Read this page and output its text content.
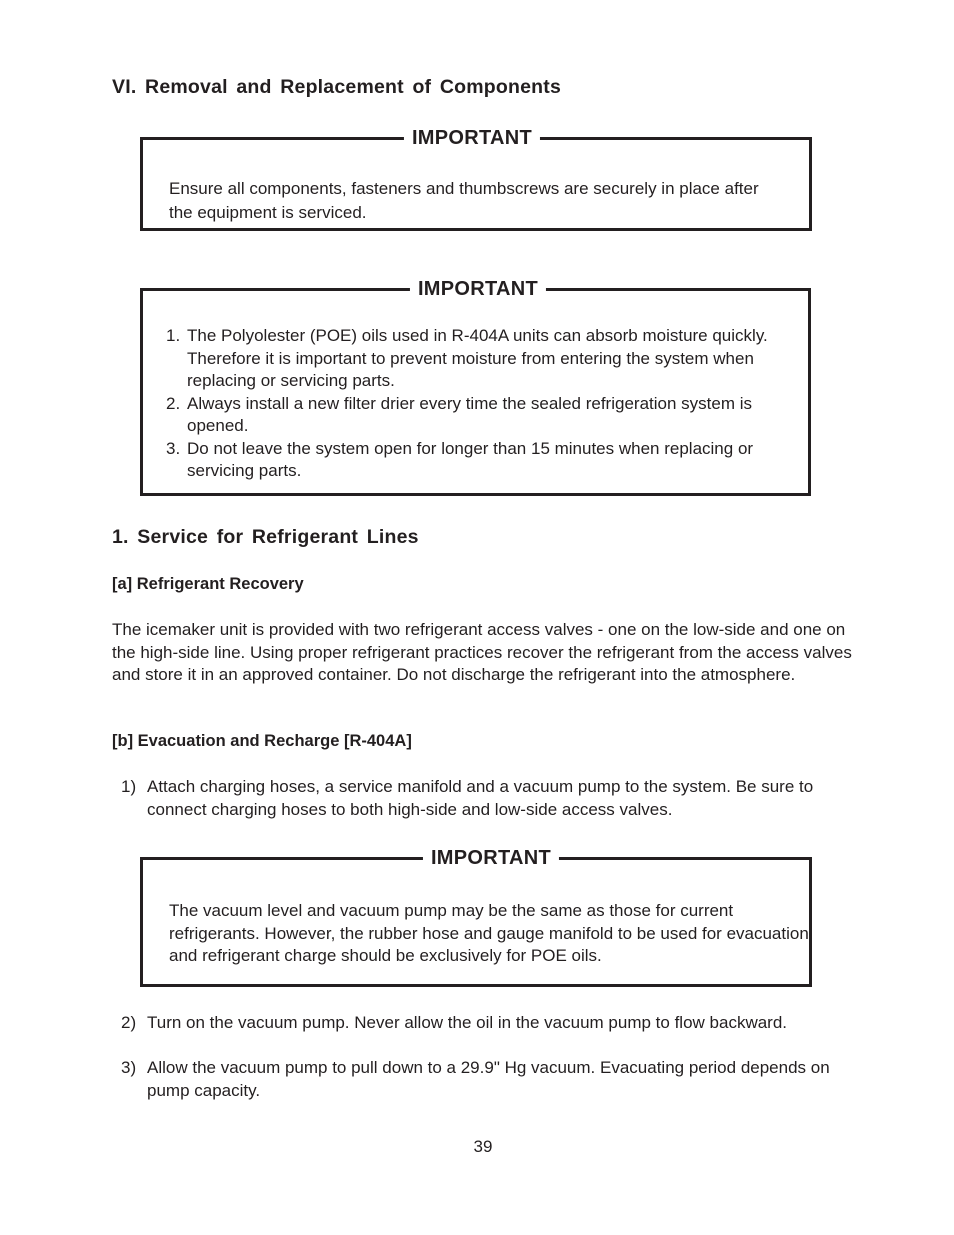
VI. Removal and Replacement of Components
IMPORTANT
Ensure all components, fasteners and thumbscrews are securely in place after the equipment is serviced.
IMPORTANT
1. The Polyolester (POE) oils used in R-404A units can absorb moisture quickly. Therefore it is important to prevent moisture from entering the system when replacing or servicing parts.
2. Always install a new filter drier every time the sealed refrigeration system is opened.
3. Do not leave the system open for longer than 15 minutes when replacing or servicing parts.
1. Service for Refrigerant Lines
[a] Refrigerant Recovery
The icemaker unit is provided with two refrigerant access valves - one on the low-side and one on the high-side line. Using proper refrigerant practices recover the refrigerant from the access valves and store it in an approved container. Do not discharge the refrigerant into the atmosphere.
[b] Evacuation and Recharge [R-404A]
1) Attach charging hoses, a service manifold and a vacuum pump to the system. Be sure to connect charging hoses to both high-side and low-side access valves.
IMPORTANT
The vacuum level and vacuum pump may be the same as those for current refrigerants. However, the rubber hose and gauge manifold to be used for evacuation and refrigerant charge should be exclusively for POE oils.
2) Turn on the vacuum pump. Never allow the oil in the vacuum pump to flow backward.
3) Allow the vacuum pump to pull down to a 29.9" Hg vacuum. Evacuating period depends on pump capacity.
39
